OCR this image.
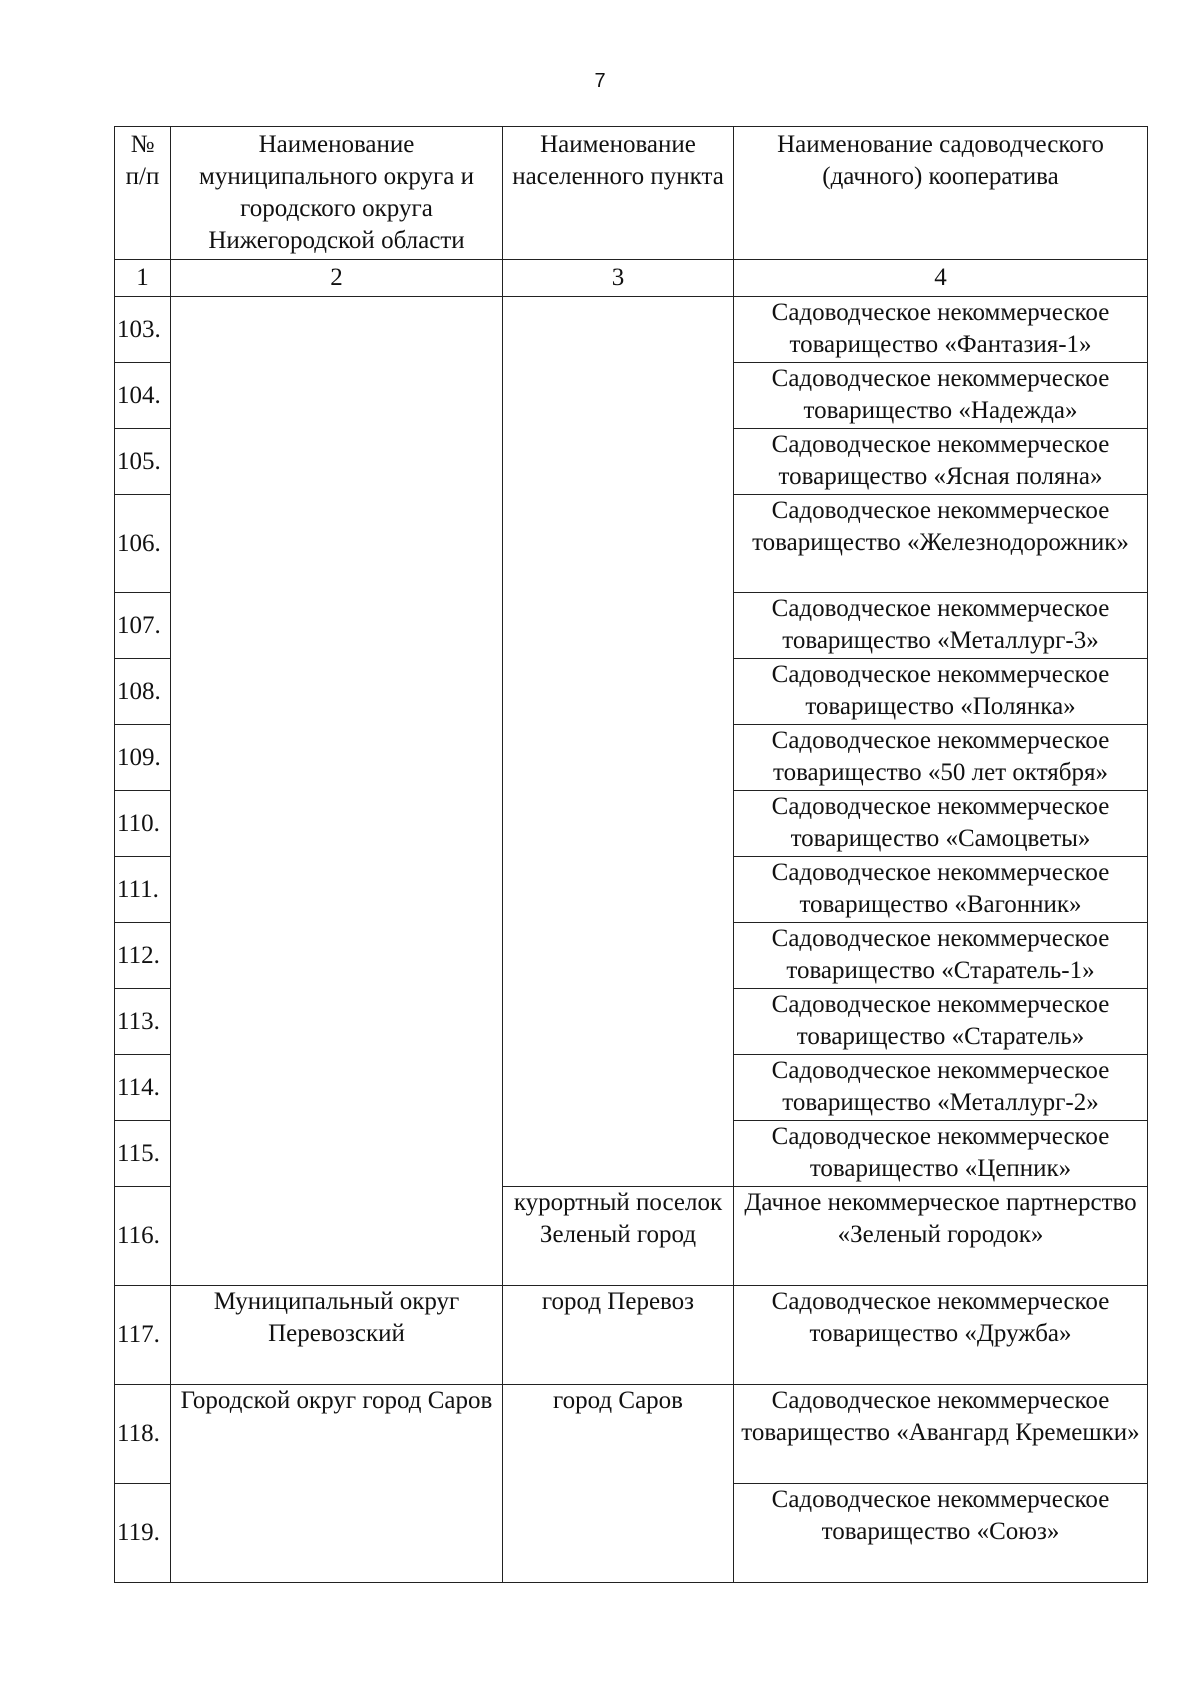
7
№ п/п	Наименование муниципального округа и городского округа Нижегородской области	Наименование населенного пункта	Наименование садоводческого (дачного) кооператива
1	2	3	4
103.			Садоводческое некоммерческое товарищество «Фантазия-1»
104.			Садоводческое некоммерческое товарищество «Надежда»
105.			Садоводческое некоммерческое товарищество «Ясная поляна»
106.			Садоводческое некоммерческое товарищество «Железнодорожник»
107.			Садоводческое некоммерческое товарищество «Металлург-3»
108.			Садоводческое некоммерческое товарищество «Полянка»
109.			Садоводческое некоммерческое товарищество «50 лет октября»
110.			Садоводческое некоммерческое товарищество «Самоцветы»
111.			Садоводческое некоммерческое товарищество «Вагонник»
112.			Садоводческое некоммерческое товарищество «Старатель-1»
113.			Садоводческое некоммерческое товарищество «Старатель»
114.			Садоводческое некоммерческое товарищество «Металлург-2»
115.			Садоводческое некоммерческое товарищество «Цепник»
116.		курортный поселок Зеленый город	Дачное некоммерческое партнерство «Зеленый городок»
117.	Муниципальный округ Перевозский	город Перевоз	Садоводческое некоммерческое товарищество «Дружба»
118.	Городской округ город Саров	город Саров	Садоводческое некоммерческое товарищество «Авангард Кремешки»
119.			Садоводческое некоммерческое товарищество «Союз»
